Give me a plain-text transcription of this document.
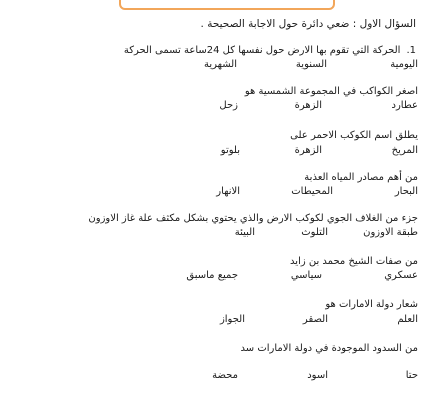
السؤال الاول : ضعي دائرة حول الاجابة الصحيحة .
1.الحركة التي تقوم بها الارض حول نفسها كل 24ساعة تسمى الحركة
اليومية
السنوية
الشهرية
اصغر الكواكب في المجموعة الشمسية هو
عطارد
الزهرة
زحل
يطلق اسم الكوكب الاحمر على
المريخ
الزهرة
بلوتو
من أهم مصادر المياه العذبة
البحار
المحيطات
الانهار
جزء من الغلاف الجوي لكوكب الارض والذي يحتوي بشكل مكثف علة غاز الاوزون
طبقة الاوزون
التلوث
البيئة
من صفات الشيخ محمد بن زايد
عسكري
سياسي
جميع ماسبق
شعار دولة الامارات هو
العلم
الصقر
الجواز
من السدود الموجودة في دولة الامارات سد
حتا
اسود
محضة
